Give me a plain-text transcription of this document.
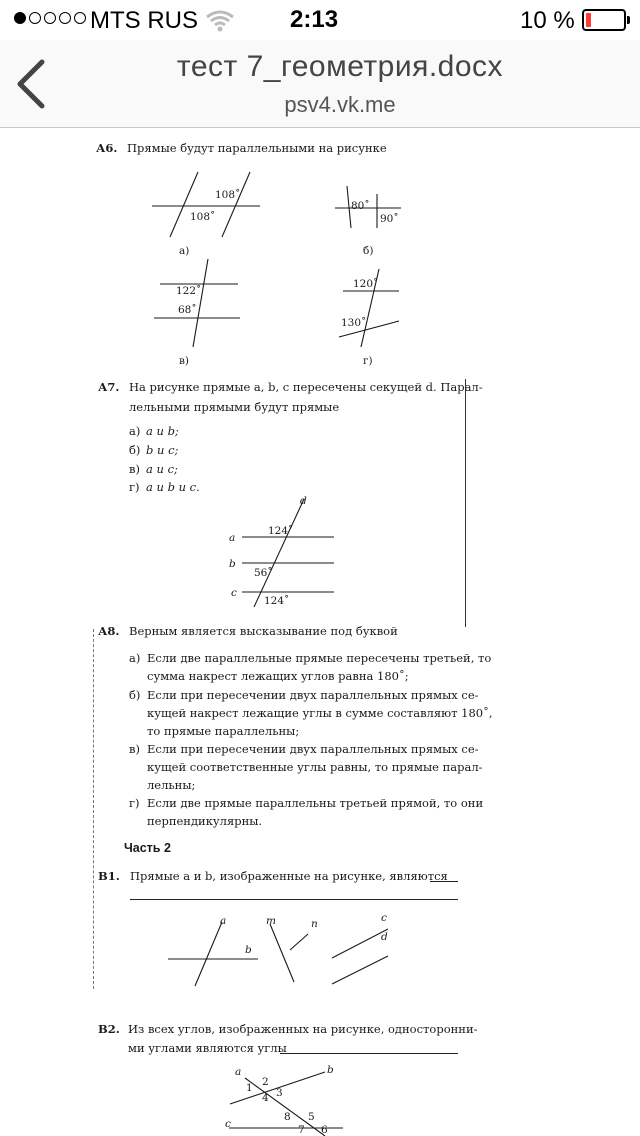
MTS RUS	2:13	10 %
тест 7_геометрия.docx
psv4.vk.me
А6. Прямые будут параллельными на рисунке
108˚
108˚
а)
80˚
90˚
б)
122˚
68˚
в)
120˚
130˚
г)
А7. На рисунке прямые a, b, c пересечены секущей d. Парал-
лельными прямыми будут прямые
а) a и b;
б) b и c;
в) a и c;
г) a и b и c.
d
a
b
c
124˚
56˚
124˚
А8. Верным является высказывание под буквой
а) Если две параллельные прямые пересечены третьей, то
сумма накрест лежащих углов равна 180˚;
б) Если при пересечении двух параллельных прямых се-
кущей накрест лежащие углы в сумме составляют 180˚,
то прямые параллельны;
в) Если при пересечении двух параллельных прямых се-
кущей соответственные углы равны, то прямые парал-
лельны;
г) Если две прямые параллельны третьей прямой, то они
перпендикулярны.
Часть 2
В1. Прямые a и b, изображенные на рисунке, являются
a
b
m	n	c
d
В2. Из всех углов, изображенных на рисунке, односторонни-
ми углами являются углы
a	b
c
1 2
3
4
5
6
7
8
